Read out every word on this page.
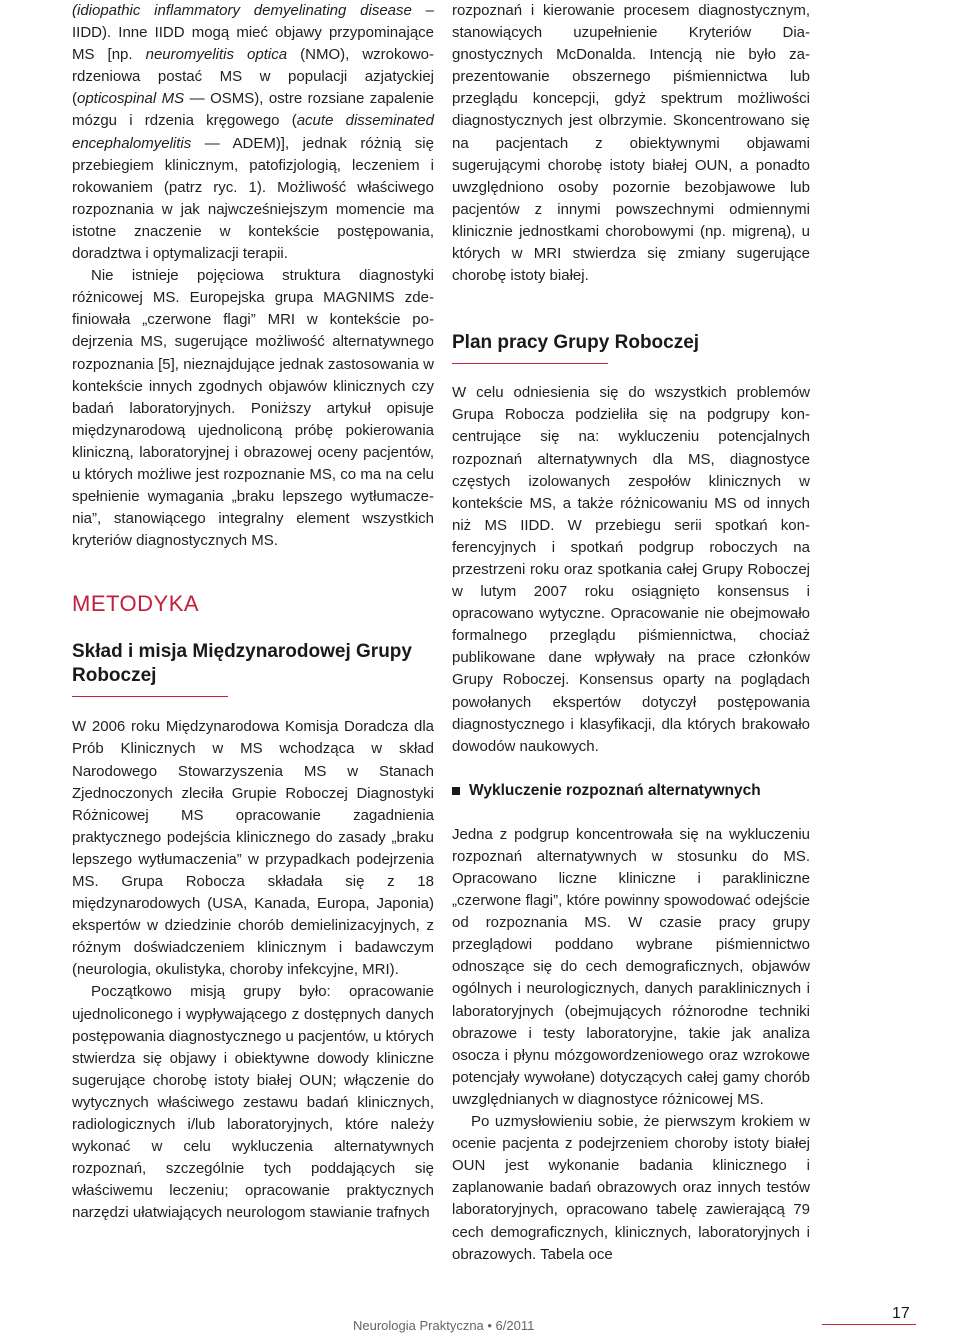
(idiopathic inflammatory demyelinating disease – IIDD). Inne IIDD mogą mieć objawy przypominające MS [np. neuromyelitis optica (NMO), wzrokowo-rdzeniowa postać MS w populacji azjatyckiej (opticospinal MS — OSMS), ostre rozsiane zapalenie mózgu i rdzenia kręgowego (acute disseminated encephalomyelitis — ADEM)], jednak różnią się przebiegiem klinicznym, patofizjologią, leczeniem i rokowaniem (patrz ryc. 1). Możliwość właściwego rozpoznania w jak najwcześniejszym momencie ma istotne znaczenie w kontekście postępowania, doradztwa i optymalizacji terapii.

Nie istnieje pojęciowa struktura diagnostyki różnicowej MS. Europejska grupa MAGNIMS zdefiniowała „czerwone flagi” MRI w kontekście podejrzenia MS, sugerujące możliwość alternatywnego rozpoznania [5], nieznajdujące jednak zastosowania w kontekście innych zgodnych objawów klinicznych czy badań laboratoryjnych. Poniższy artykuł opisuje międzynarodową ujednoliconą próbę pokierowania kliniczną, laboratoryjnej i obrazowej oceny pacjentów, u których możliwe jest rozpoznanie MS, co ma na celu spełnienie wymagania „braku lepszego wytłumaczenia”, stanowiącego integralny element wszystkich kryteriów diagnostycznych MS.

METODYKA
Skład i misja Międzynarodowej Grupy Roboczej

W 2006 roku Międzynarodowa Komisja Doradcza dla Prób Klinicznych w MS wchodząca w skład Narodowego Stowarzyszenia MS w Stanach Zjednoczonych zleciła Grupie Roboczej Diagnostyki Różnicowej MS opracowanie zagadnienia praktycznego podejścia klinicznego do zasady „braku lepszego wytłumaczenia” w przypadkach podejrzenia MS. Grupa Robocza składała się z 18 międzynarodowych (USA, Kanada, Europa, Japonia) ekspertów w dziedzinie chorób demielinizacyjnych, z różnym doświadczeniem klinicznym i badawczym (neurologia, okulistyka, choroby infekcyjne, MRI).

Początkowo misją grupy było: opracowanie ujednoliconego i wypływającego z dostępnych danych postępowania diagnostycznego u pacjentów, u których stwierdza się objawy i obiektywne dowody kliniczne sugerujące chorobę istoty białej OUN; włączenie do wytycznych właściwego zestawu badań klinicznych, radiologicznych i/lub laboratoryjnych, które należy wykonać w celu wykluczenia alternatywnych rozpoznań, szczególnie tych poddających się właściwemu leczeniu; opracowanie praktycznych narzędzi ułatwiających neurologom stawianie trafnych

rozpoznań i kierowanie procesem diagnostycznym, stanowiących uzupełnienie Kryteriów Diagnostycznych McDonalda. Intencją nie było zaprezentowanie obszernego piśmiennictwa lub przeglądu koncepcji, gdyż spektrum możliwości diagnostycznych jest olbrzymie. Skoncentrowano się na pacjentach z obiektywnymi objawami sugerującymi chorobę istoty białej OUN, a ponadto uwzględniono osoby pozornie bezobjawowe lub pacjentów z innymi powszechnymi odmiennymi klinicznie jednostkami chorobowymi (np. migreną), u których w MRI stwierdza się zmiany sugerujące chorobę istoty białej.

Plan pracy Grupy Roboczej

W celu odniesienia się do wszystkich problemów Grupa Robocza podzieliła się na podgrupy koncentrujące się na: wykluczeniu potencjalnych rozpoznań alternatywnych dla MS, diagnostyce częstych izolowanych zespołów klinicznych w kontekście MS, a także różnicowaniu MS od innych niż MS IIDD. W przebiegu serii spotkań konferencyjnych i spotkań podgrup roboczych na przestrzeni roku oraz spotkania całej Grupy Roboczej w lutym 2007 roku osiągnięto konsensus i opracowano wytyczne. Opracowanie nie obejmowało formalnego przeglądu piśmiennictwa, chociaż publikowane dane wpływały na prace członków Grupy Roboczej. Konsensus oparty na poglądach powołanych ekspertów dotyczył postępowania diagnostycznego i klasyfikacji, dla których brakowało dowodów naukowych.

Wykluczenie rozpoznań alternatywnych

Jedna z podgrup koncentrowała się na wykluczeniu rozpoznań alternatywnych w stosunku do MS. Opracowano liczne kliniczne i parakliniczne „czerwone flagi”, które powinny spowodować odejście od rozpoznania MS. W czasie pracy grupy przeglądowi poddano wybrane piśmiennictwo odnoszące się do cech demograficznych, objawów ogólnych i neurologicznych, danych paraklinicznych i laboratoryjnych (obejmujących różnorodne techniki obrazowe i testy laboratoryjne, takie jak analiza osocza i płynu mózgowordzeniowego oraz wzrokowe potencjały wywołane) dotyczących całej gamy chorób uwzględnianych w diagnostyce różnicowej MS.

Po uzmysłowieniu sobie, że pierwszym krokiem w ocenie pacjenta z podejrzeniem choroby istoty białej OUN jest wykonanie badania klinicznego i zaplanowanie badań obrazowych oraz innych testów laboratoryjnych, opracowano tabelę zawierającą 79 cech demograficznych, klinicznych, laboratoryjnych i obrazowych. Tabela oce

Neurologia Praktyczna • 6/2011
17
